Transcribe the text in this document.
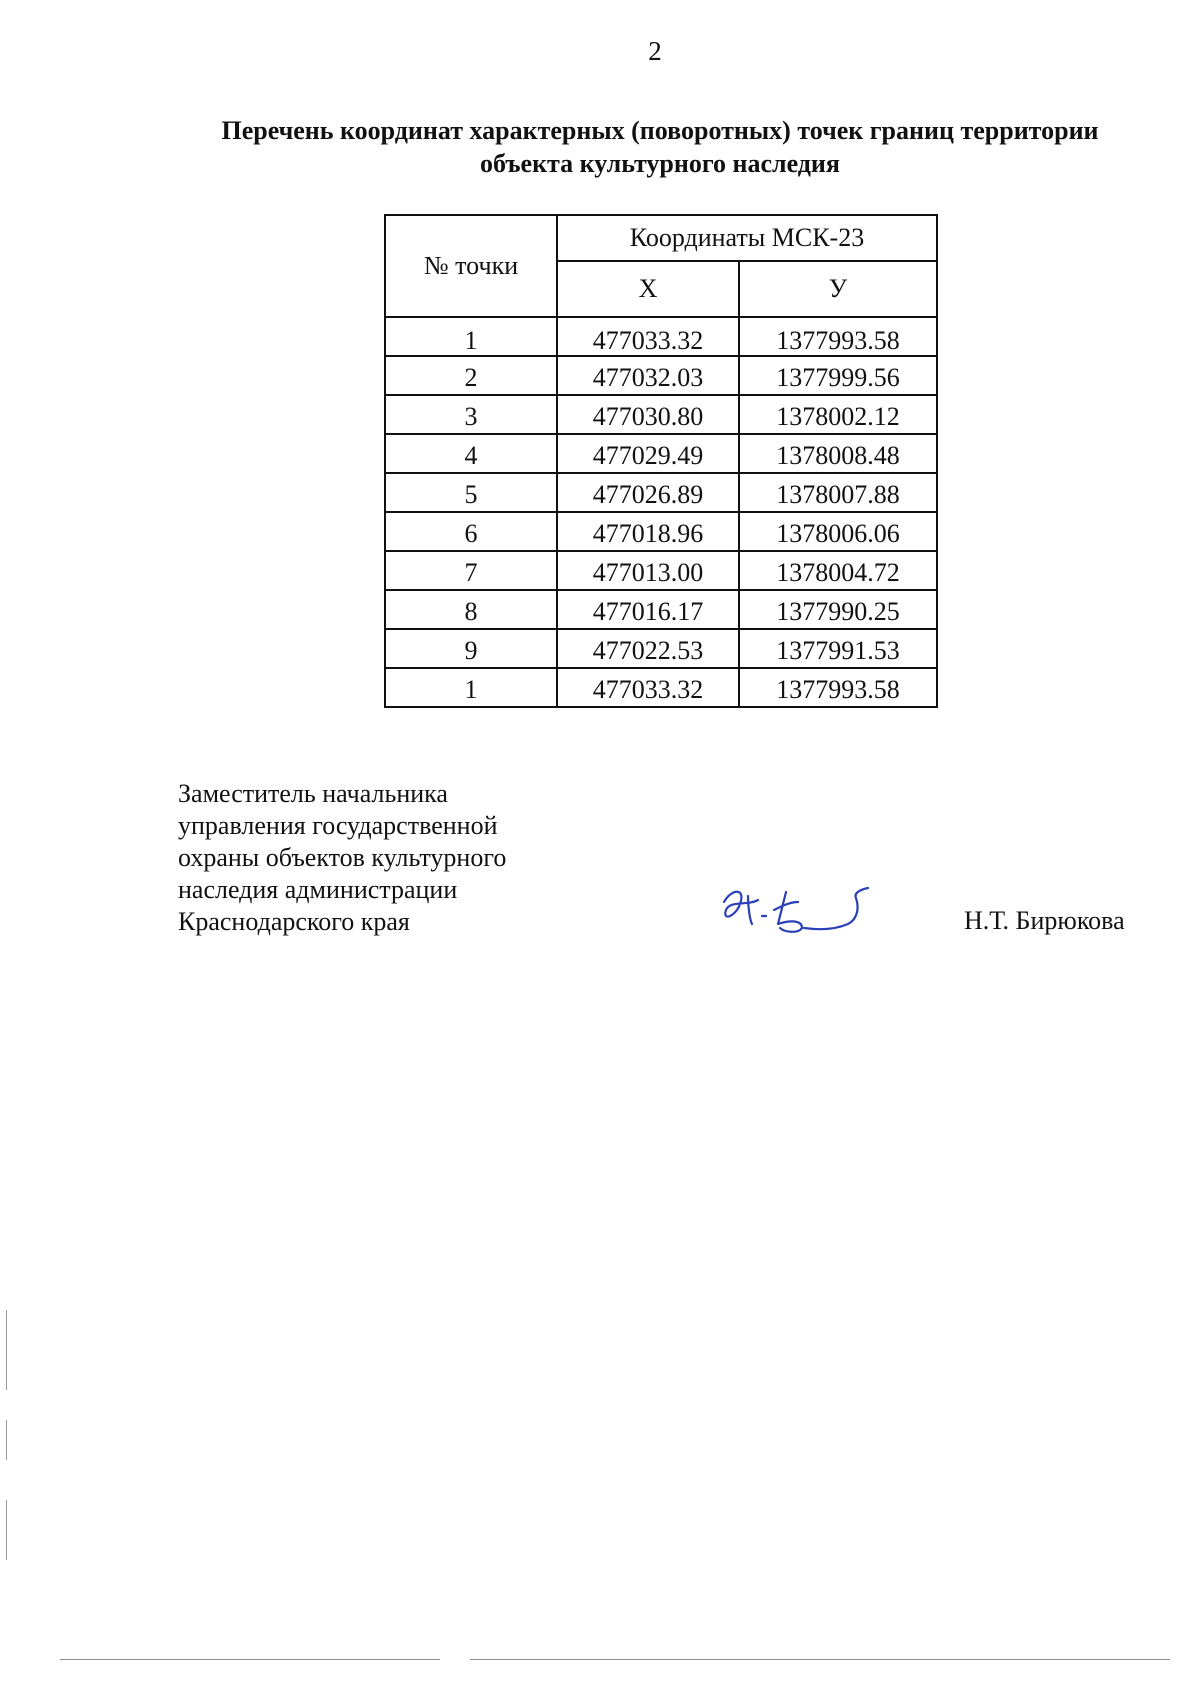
2
Перечень координат характерных (поворотных) точек границ территории
объекта культурного наследия
№ точки	Координаты МСК-23	
	Х	У
1	477033.32	1377993.58
2	477032.03	1377999.56
3	477030.80	1378002.12
4	477029.49	1378008.48
5	477026.89	1378007.88
6	477018.96	1378006.06
7	477013.00	1378004.72
8	477016.17	1377990.25
9	477022.53	1377991.53
1	477033.32	1377993.58
Заместитель начальника
управления государственной
охраны объектов культурного
наследия администрации
Краснодарского края	Н.Т. Бирюкова
